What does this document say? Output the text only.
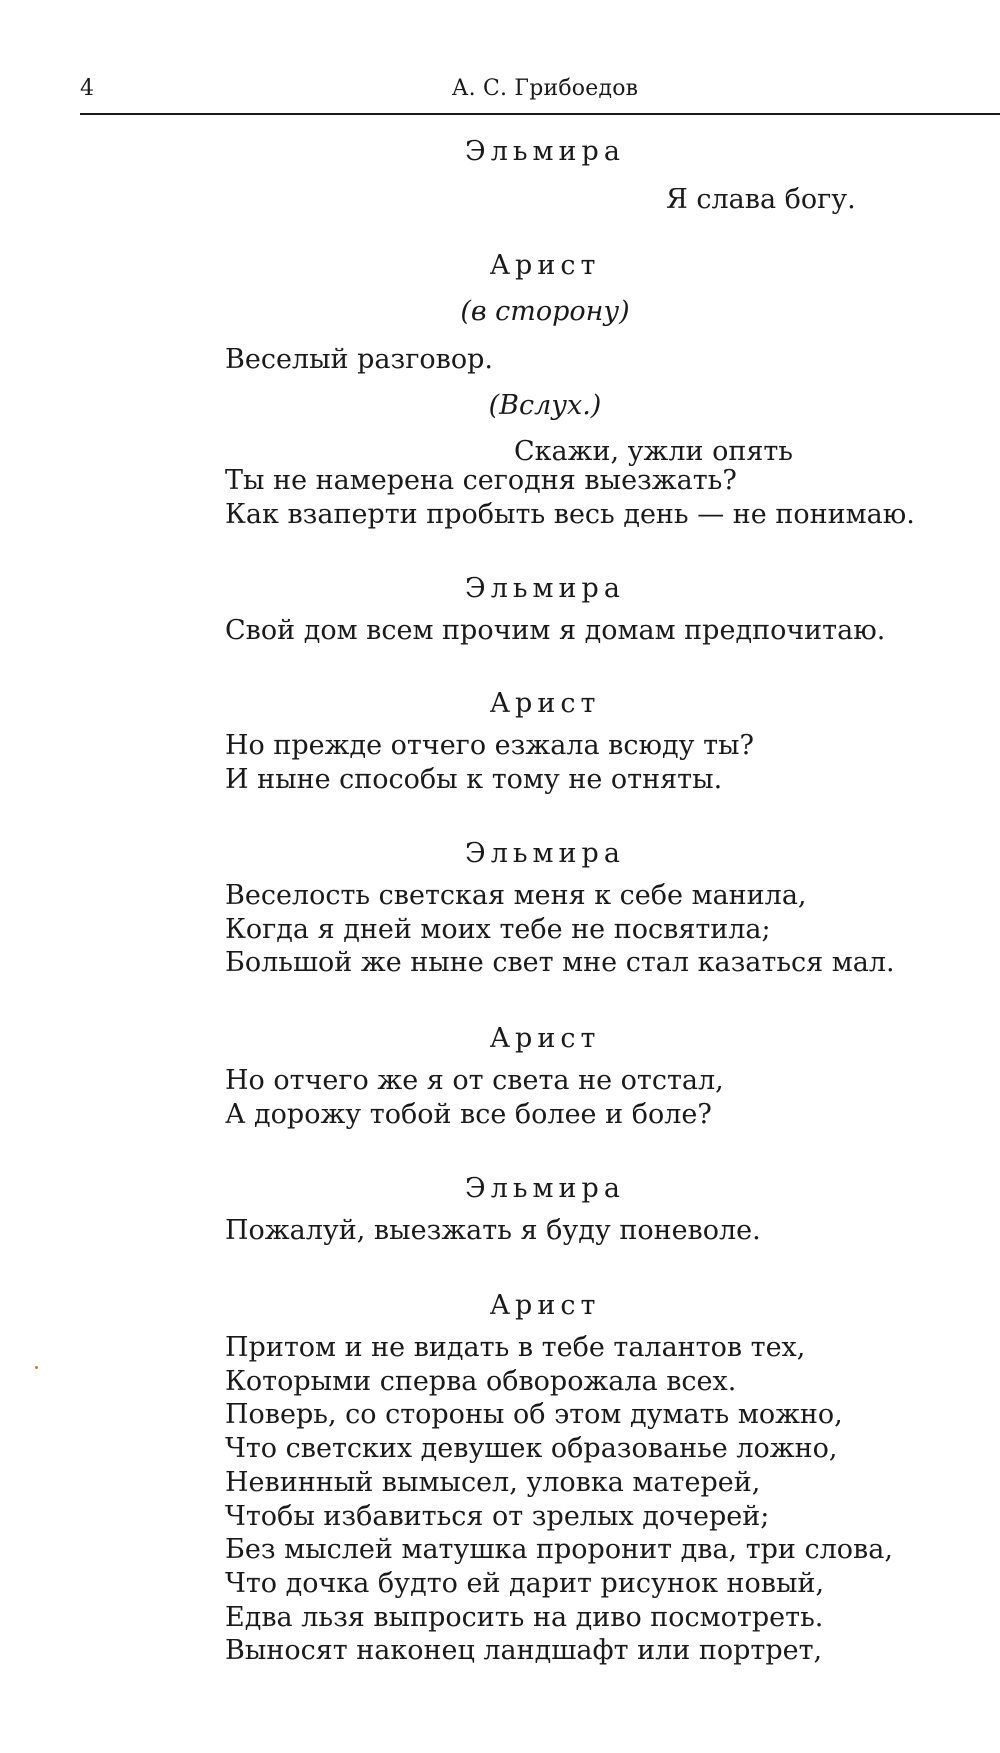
4	А. С. Грибоедов
Эльмира
Я слава богу.
Арист
(в сторону)
Веселый разговор.
(Вслух.)
Скажи, ужли опять
Ты не намерена сегодня выезжать?
Как взаперти пробыть весь день — не понимаю.
Эльмира
Свой дом всем прочим я домам предпочитаю.
Арист
Но прежде отчего езжала всюду ты?
И ныне способы к тому не отняты.
Эльмира
Веселость светская меня к себе манила,
Когда я дней моих тебе не посвятила;
Большой же ныне свет мне стал казаться мал.
Арист
Но отчего же я от света не отстал,
А дорожу тобой все более и боле?
Эльмира
Пожалуй, выезжать я буду поневоле.
Арист
Притом и не видать в тебе талантов тех,
Которыми сперва обворожала всех.
Поверь, со стороны об этом думать можно,
Что светских девушек образованье ложно,
Невинный вымысел, уловка матерей,
Чтобы избавиться от зрелых дочерей;
Без мыслей матушка проронит два, три слова,
Что дочка будто ей дарит рисунок новый,
Едва льзя выпросить на диво посмотреть.
Выносят наконец ландшафт или портрет,
